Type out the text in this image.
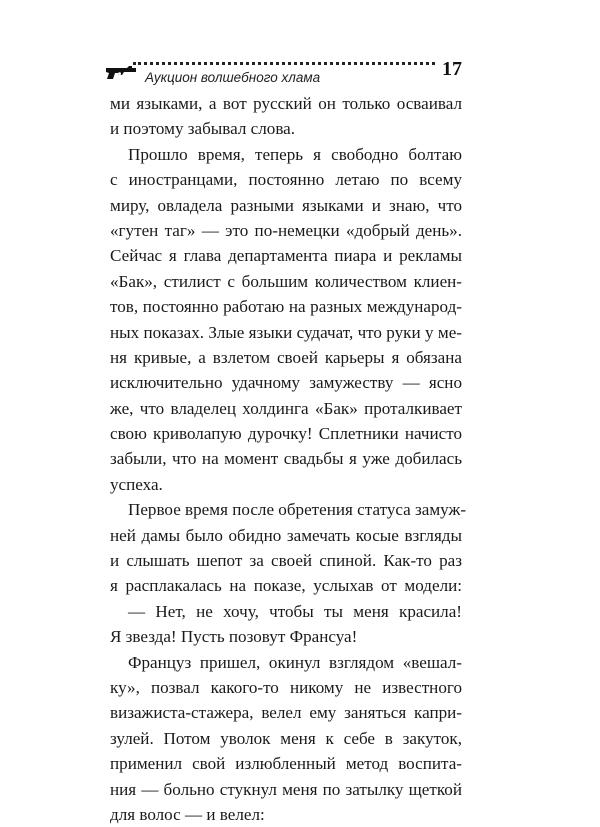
Аукцион волшебного хлама	17
ми языками, а вот русский он только осваивал
и поэтому забывал слова.
Прошло время, теперь я свободно болтаю
с иностранцами, постоянно летаю по всему
миру, овладела разными языками и знаю, что
«гутен таг» — это по-немецки «добрый день».
Сейчас я глава департамента пиара и рекламы
«Бак», стилист с большим количеством клиен-
тов, постоянно работаю на разных международ-
ных показах. Злые языки судачат, что руки у ме-
ня кривые, а взлетом своей карьеры я обязана
исключительно удачному замужеству — ясно
же, что владелец холдинга «Бак» проталкивает
свою криволапую дурочку! Сплетники начисто
забыли, что на момент свадьбы я уже добилась
успеха.
Первое время после обретения статуса замуж-
ней дамы было обидно замечать косые взгляды
и слышать шепот за своей спиной. Как-то раз
я расплакалась на показе, услыхав от модели:
— Нет, не хочу, чтобы ты меня красила!
Я звезда! Пусть позовут Франсуа!
Француз пришел, окинул взглядом «вешал-
ку», позвал какого-то никому не известного
визажиста-стажера, велел ему заняться капри-
зулей. Потом уволок меня к себе в закуток,
применил свой излюбленный метод воспита-
ния — больно стукнул меня по затылку щеткой
для волос — и велел:
